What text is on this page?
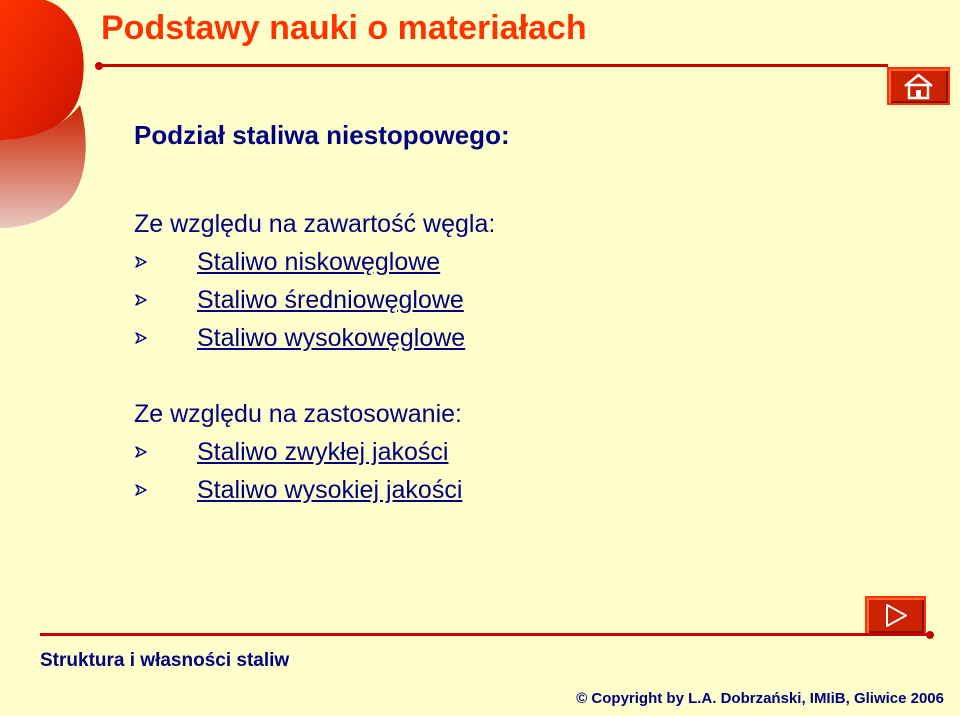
Podstawy nauki o materiałach
Podział staliwa niestopowego:

Ze względu na zawartość węgla:

Staliwo niskowęglowe
Staliwo średniowęglowe
Staliwo wysokowęglowe

Ze względu na zastosowanie:

Staliwo zwykłej jakości
Staliwo wysokiej jakości

Struktura i własności staliw

© Copyright by L.A. Dobrzański, IMIiB, Gliwice 2006
